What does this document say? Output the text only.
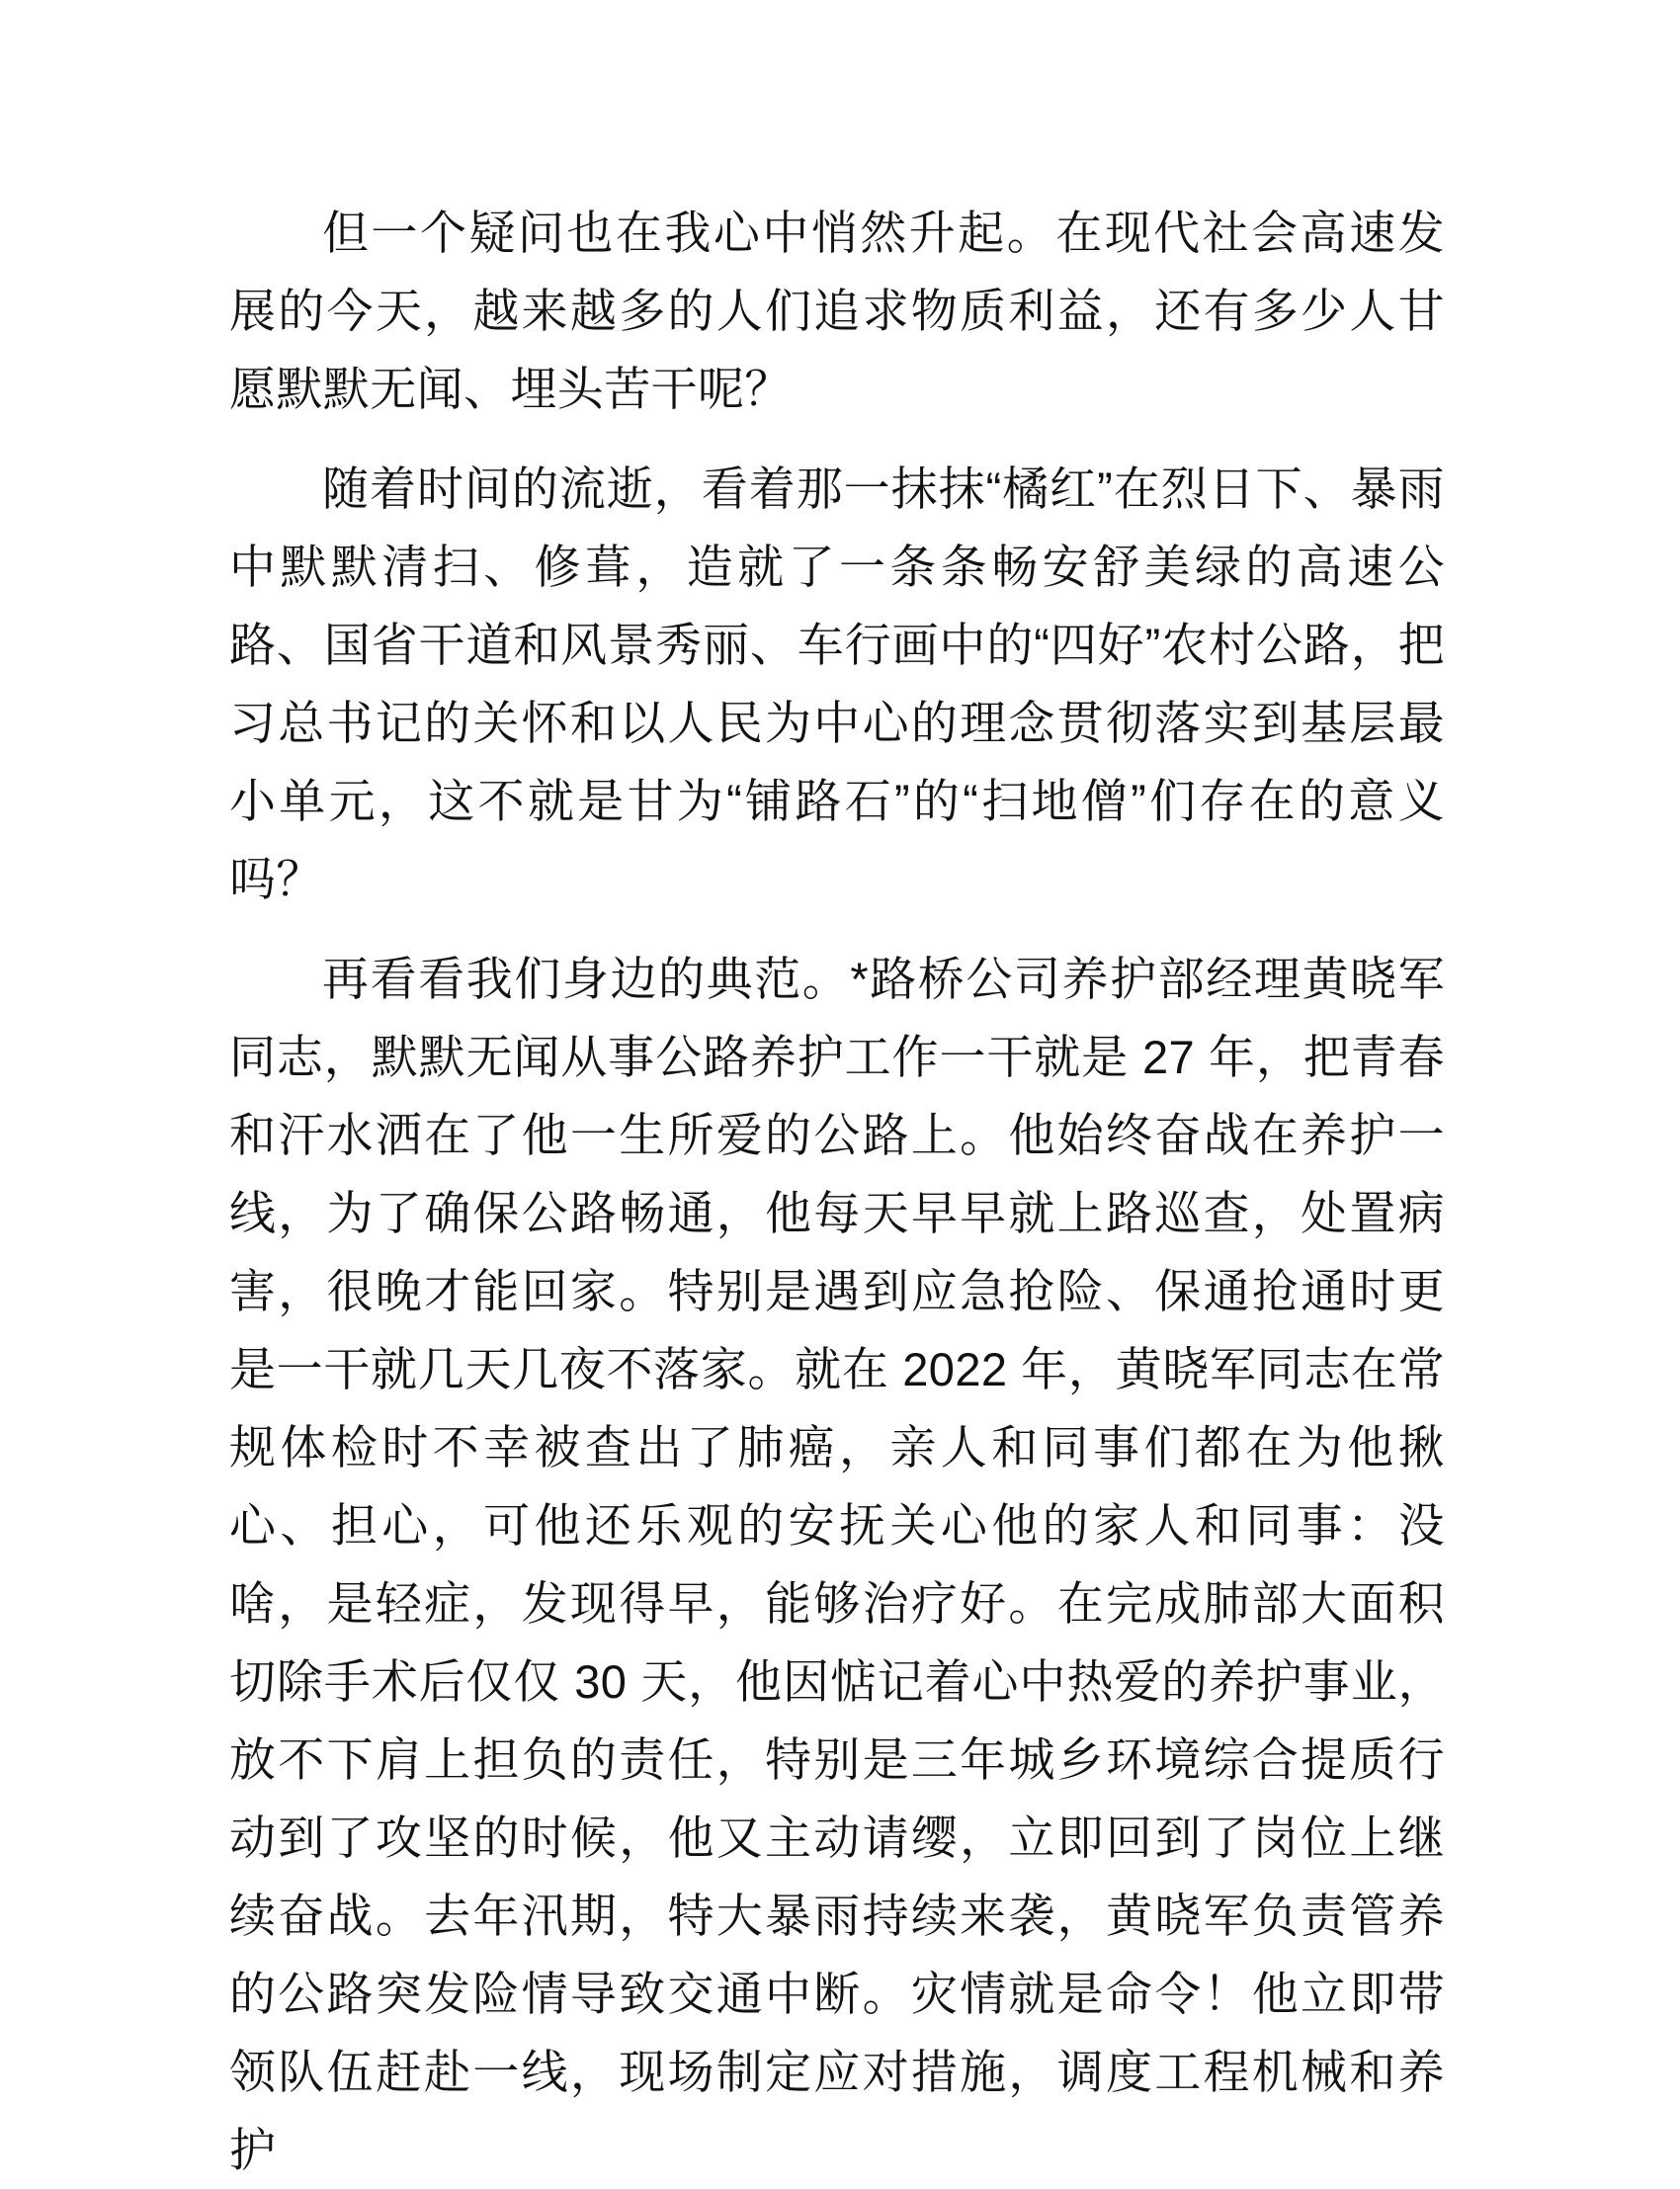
但一个疑问也在我心中悄然升起。在现代社会高速发展的今天，越来越多的人们追求物质利益，还有多少人甘愿默默无闻、埋头苦干呢？

随着时间的流逝，看着那一抹抹“橘红”在烈日下、暴雨中默默清扫、修葺，造就了一条条畅安舒美绿的高速公路、国省干道和风景秀丽、车行画中的“四好”农村公路，把习总书记的关怀和以人民为中心的理念贯彻落实到基层最小单元，这不就是甘为“铺路石”的“扫地僧”们存在的意义吗？

再看看我们身边的典范。*路桥公司养护部经理黄晓军同志，默默无闻从事公路养护工作一干就是 27 年，把青春和汗水洒在了他一生所爱的公路上。他始终奋战在养护一线，为了确保公路畅通，他每天早早就上路巡查，处置病害，很晚才能回家。特别是遇到应急抢险、保通抢通时更是一干就几天几夜不落家。就在 2022 年，黄晓军同志在常规体检时不幸被查出了肺癌，亲人和同事们都在为他揪心、担心，可他还乐观的安抚关心他的家人和同事：没啥，是轻症，发现得早，能够治疗好。在完成肺部大面积切除手术后仅仅 30 天，他因惦记着心中热爱的养护事业，放不下肩上担负的责任，特别是三年城乡环境综合提质行动到了攻坚的时候，他又主动请缨，立即回到了岗位上继续奋战。去年汛期，特大暴雨持续来袭，黄晓军负责管养的公路突发险情导致交通中断。灾情就是命令！他立即带领队伍赶赴一线，现场制定应对措施，调度工程机械和养护
